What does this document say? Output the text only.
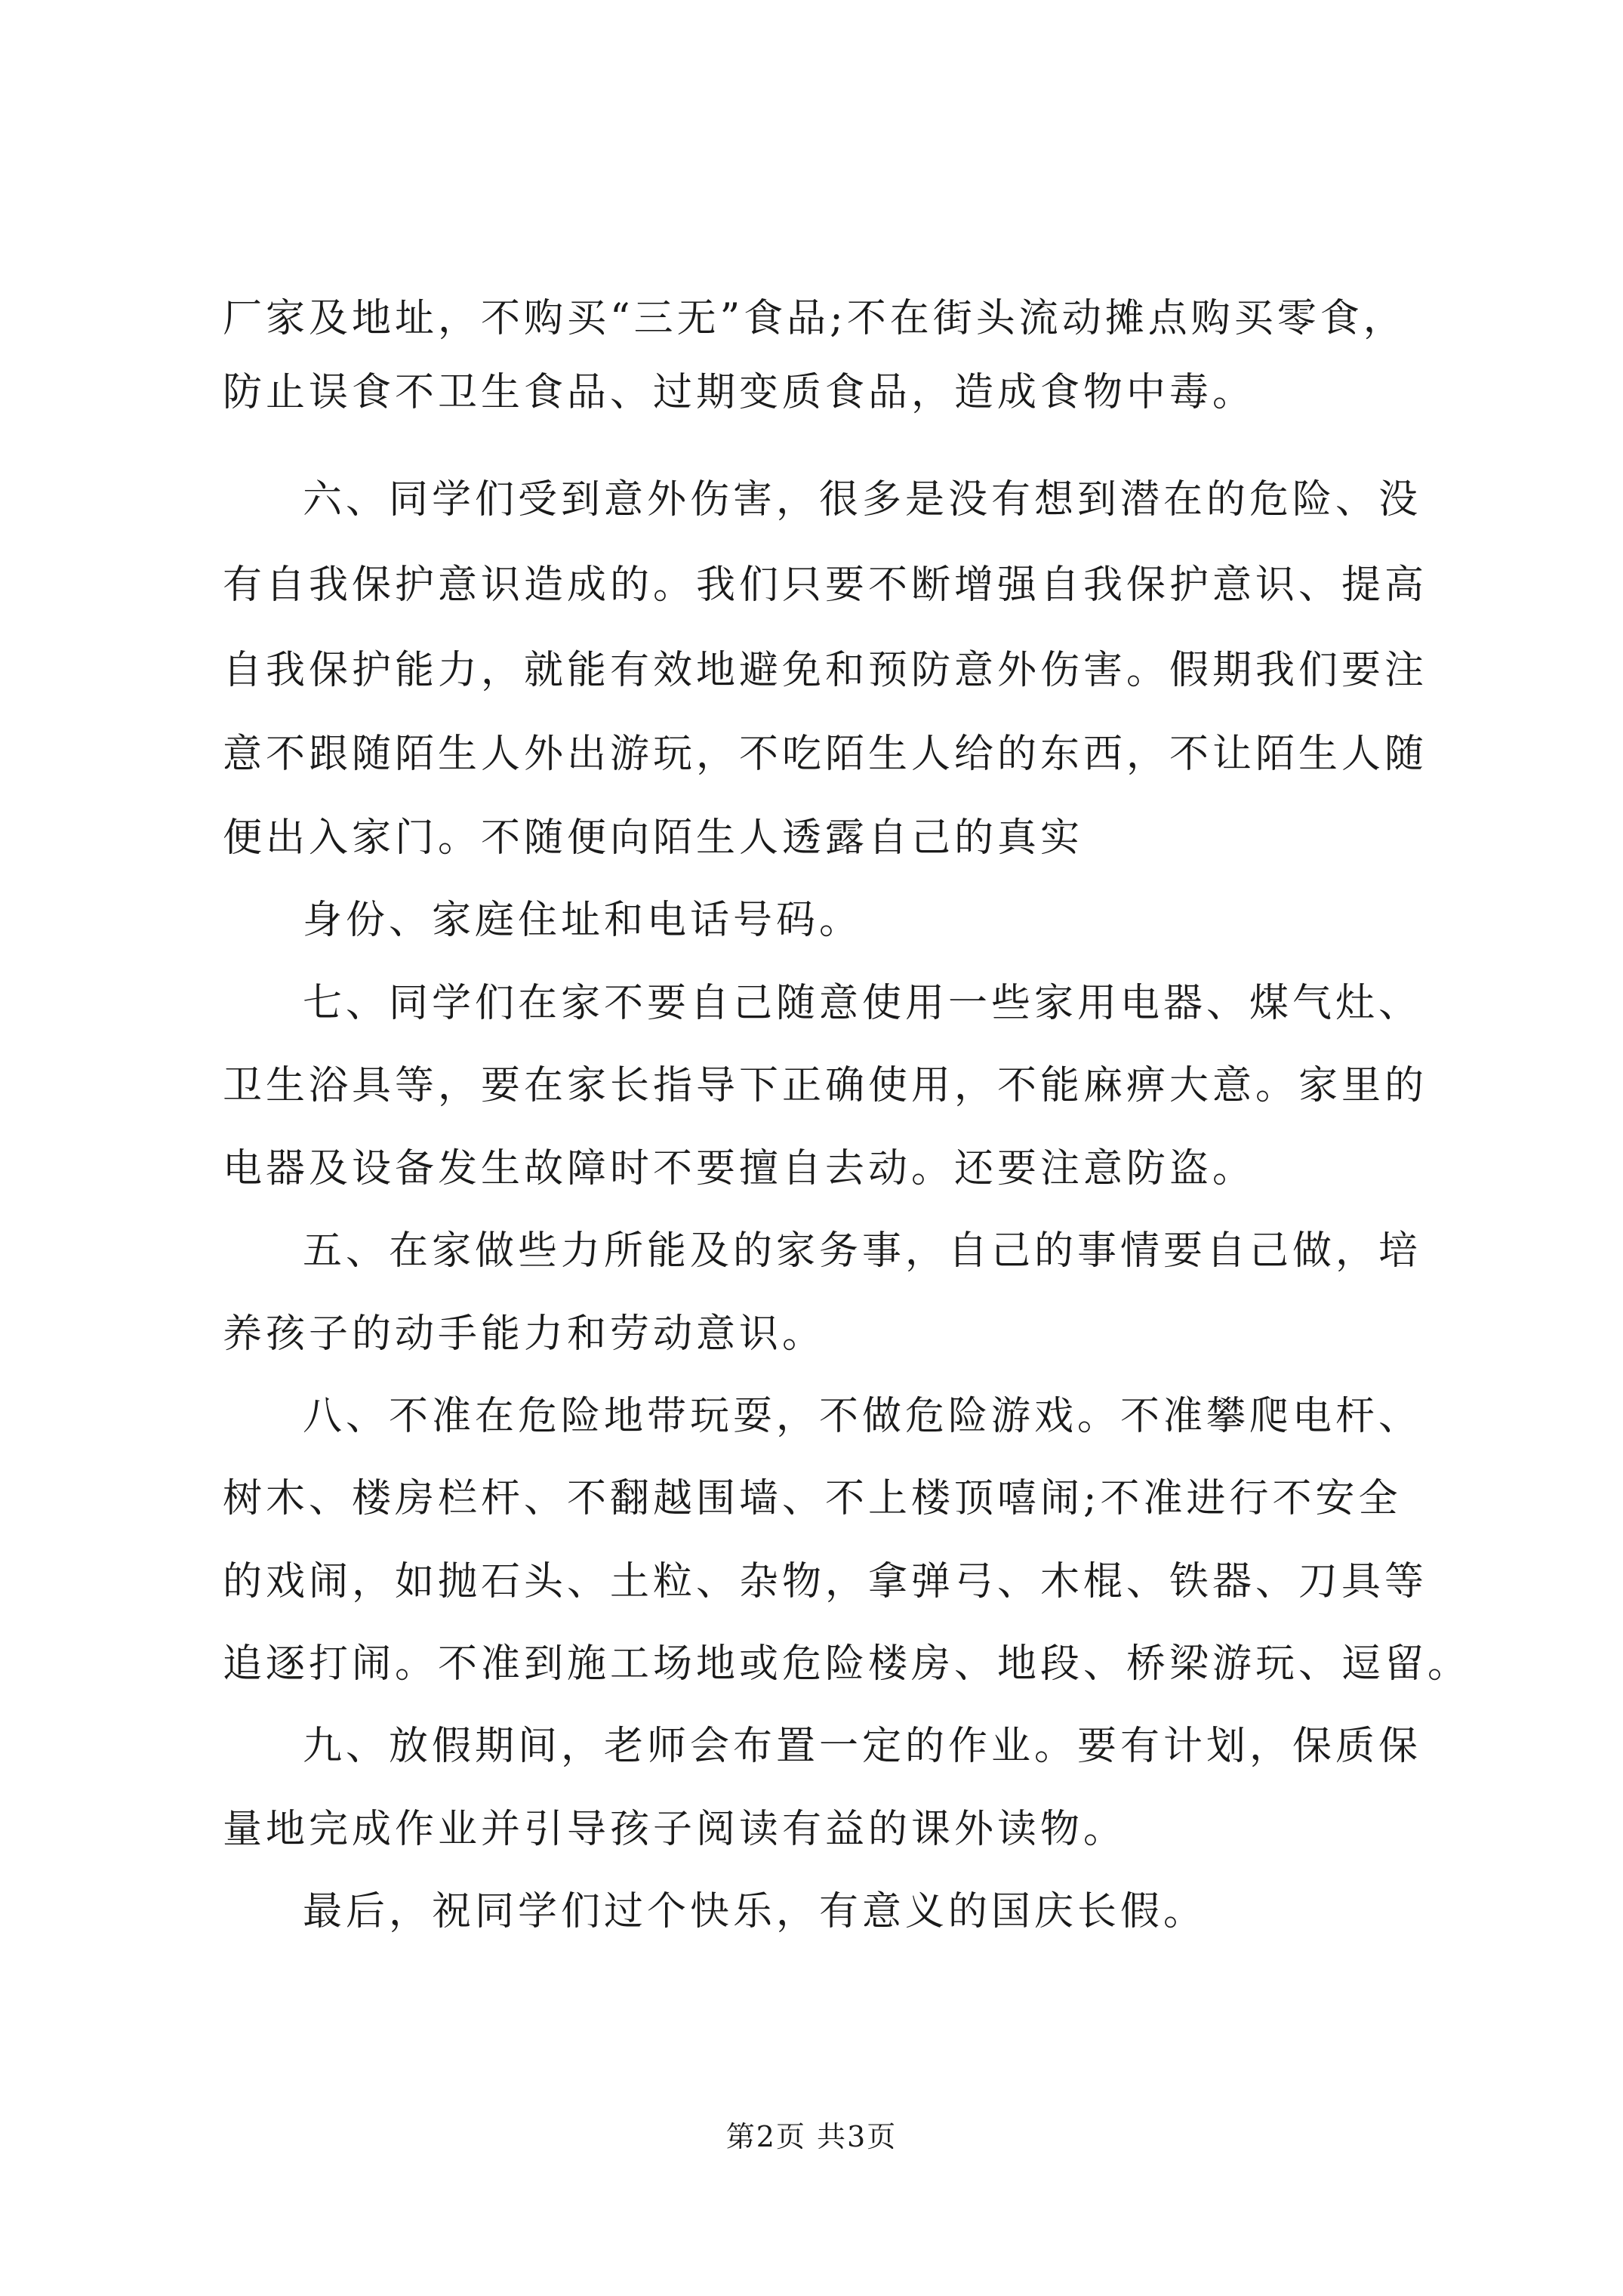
厂家及地址，不购买“三无”食品;不在街头流动摊点购买零食，
防止误食不卫生食品、过期变质食品，造成食物中毒。
六、同学们受到意外伤害，很多是没有想到潜在的危险、没
有自我保护意识造成的。我们只要不断增强自我保护意识、提高
自我保护能力，就能有效地避免和预防意外伤害。假期我们要注
意不跟随陌生人外出游玩，不吃陌生人给的东西，不让陌生人随
便出入家门。不随便向陌生人透露自己的真实
身份、家庭住址和电话号码。
七、同学们在家不要自己随意使用一些家用电器、煤气灶、
卫生浴具等，要在家长指导下正确使用，不能麻痹大意。家里的
电器及设备发生故障时不要擅自去动。还要注意防盗。
五、在家做些力所能及的家务事，自己的事情要自己做，培
养孩子的动手能力和劳动意识。
八、不准在危险地带玩耍，不做危险游戏。不准攀爬电杆、
树木、楼房栏杆、不翻越围墙、不上楼顶嘻闹;不准进行不安全
的戏闹，如抛石头、土粒、杂物，拿弹弓、木棍、铁器、刀具等
追逐打闹。不准到施工场地或危险楼房、地段、桥梁游玩、逗留。
九、放假期间，老师会布置一定的作业。要有计划，保质保
量地完成作业并引导孩子阅读有益的课外读物。
最后，祝同学们过个快乐，有意义的国庆长假。
第2页 共3页
